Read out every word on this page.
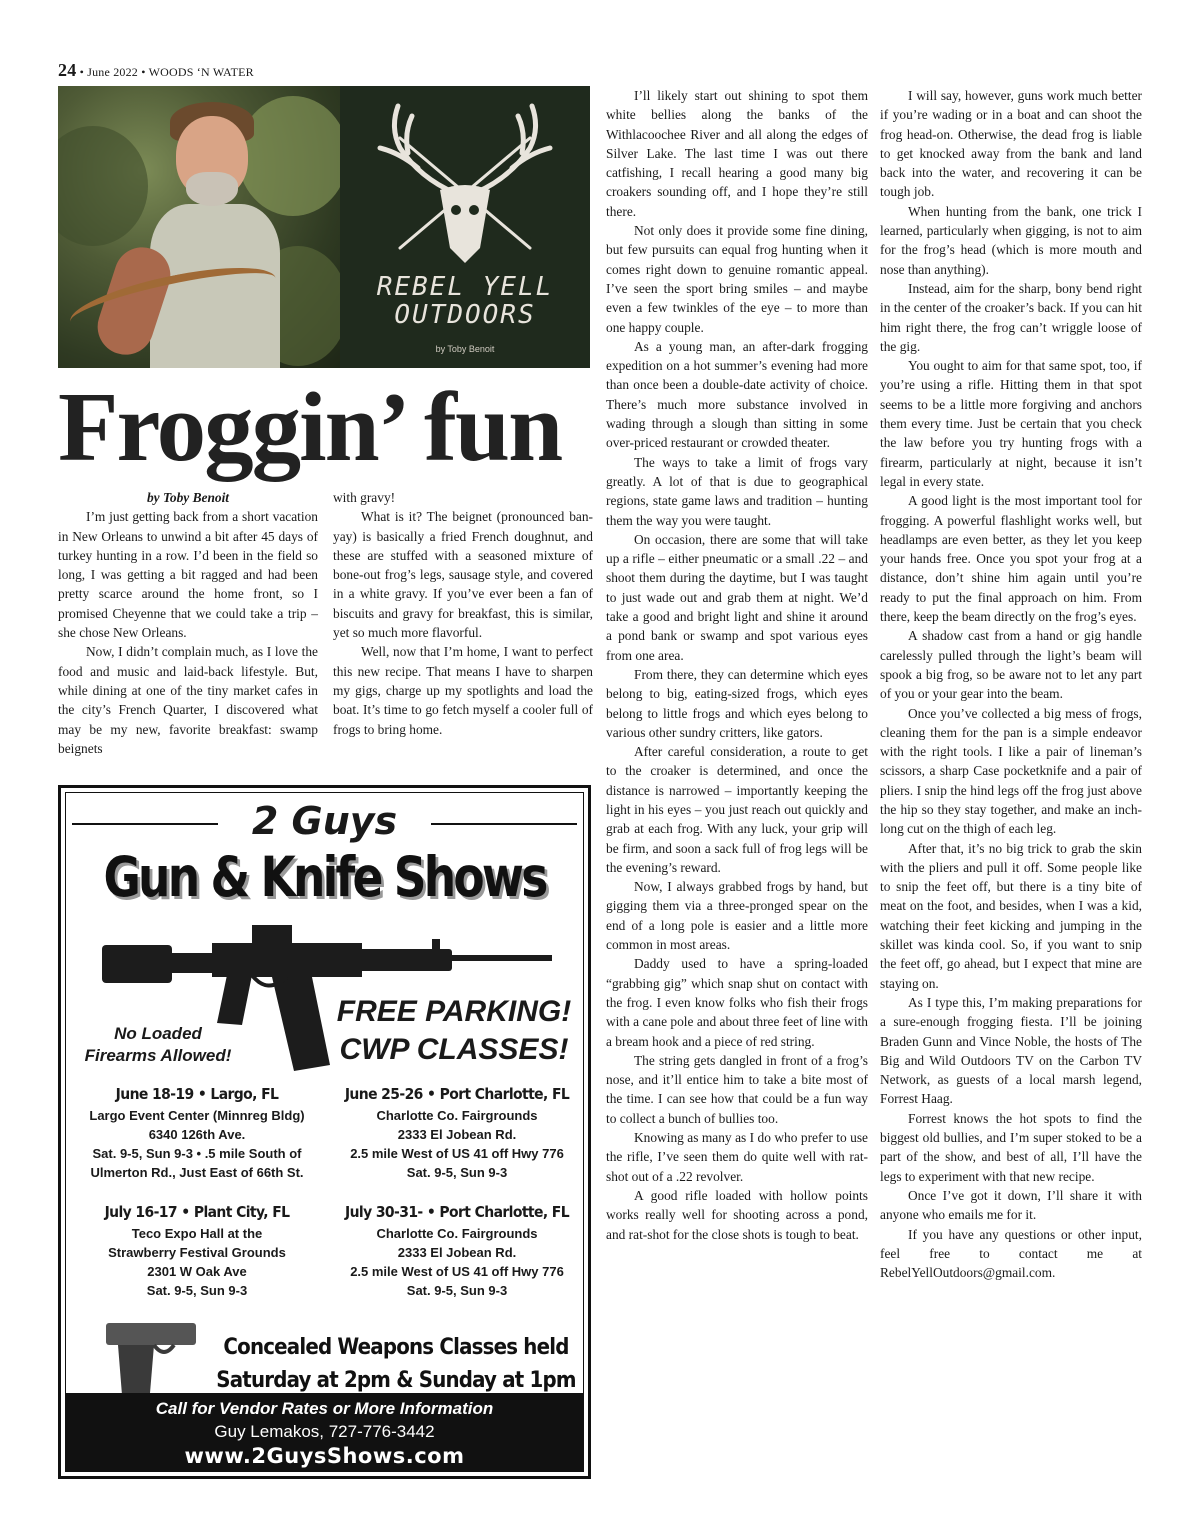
24 • June 2022 • WOODS ‘N WATER
REBEL YELL
OUTDOORS
by Toby Benoit
Froggin’ fun

by Toby Benoit

I’m just getting back from a short vacation in New Orleans to unwind a bit after 45 days of turkey hunting in a row. I’d been in the field so long, I was getting a bit ragged and had been pretty scarce around the home front, so I promised Cheyenne that we could take a trip – she chose New Orleans.

Now, I didn’t complain much, as I love the food and music and laid-back lifestyle. But, while dining at one of the tiny market cafes in the city’s French Quarter, I discovered what may be my new, favorite breakfast: swamp beignets

with gravy!

What is it? The beignet (pronounced ban-yay) is basically a fried French doughnut, and these are stuffed with a seasoned mixture of bone-out frog’s legs, sausage style, and covered in a white gravy. If you’ve ever been a fan of biscuits and gravy for breakfast, this is similar, yet so much more flavorful.

Well, now that I’m home, I want to perfect this new recipe. That means I have to sharpen my gigs, charge up my spotlights and load the boat. It’s time to go fetch myself a cooler full of frogs to bring home.

I’ll likely start out shining to spot them white bellies along the banks of the Withlacoochee River and all along the edges of Silver Lake. The last time I was out there catfishing, I recall hearing a good many big croakers sounding off, and I hope they’re still there.

Not only does it provide some fine dining, but few pursuits can equal frog hunting when it comes right down to genuine romantic appeal. I’ve seen the sport bring smiles – and maybe even a few twinkles of the eye – to more than one happy couple.

As a young man, an after-dark frogging expedition on a hot summer’s evening had more than once been a double-date activity of choice. There’s much more substance involved in wading through a slough than sitting in some over-priced restaurant or crowded theater.

The ways to take a limit of frogs vary greatly. A lot of that is due to geographical regions, state game laws and tradition – hunting them the way you were taught.

On occasion, there are some that will take up a rifle – either pneumatic or a small .22 – and shoot them during the daytime, but I was taught to just wade out and grab them at night. We’d take a good and bright light and shine it around a pond bank or swamp and spot various eyes from one area.

From there, they can determine which eyes belong to big, eating-sized frogs, which eyes belong to little frogs and which eyes belong to various other sundry critters, like gators.

After careful consideration, a route to get to the croaker is determined, and once the distance is narrowed – importantly keeping the light in his eyes – you just reach out quickly and grab at each frog. With any luck, your grip will be firm, and soon a sack full of frog legs will be the evening’s reward.

Now, I always grabbed frogs by hand, but gigging them via a three-pronged spear on the end of a long pole is easier and a little more common in most areas.

Daddy used to have a spring-loaded “grabbing gig” which snap shut on contact with the frog. I even know folks who fish their frogs with a cane pole and about three feet of line with a bream hook and a piece of red string.

The string gets dangled in front of a frog’s nose, and it’ll entice him to take a bite most of the time. I can see how that could be a fun way to collect a bunch of bullies too.

Knowing as many as I do who prefer to use the rifle, I’ve seen them do quite well with rat-shot out of a .22 revolver.

A good rifle loaded with hollow points works really well for shooting across a pond, and rat-shot for the close shots is tough to beat.

I will say, however, guns work much better if you’re wading or in a boat and can shoot the frog head-on. Otherwise, the dead frog is liable to get knocked away from the bank and land back into the water, and recovering it can be tough job.

When hunting from the bank, one trick I learned, particularly when gigging, is not to aim for the frog’s head (which is more mouth and nose than anything).

Instead, aim for the sharp, bony bend right in the center of the croaker’s back. If you can hit him right there, the frog can’t wriggle loose of the gig.

You ought to aim for that same spot, too, if you’re using a rifle. Hitting them in that spot seems to be a little more forgiving and anchors them every time. Just be certain that you check the law before you try hunting frogs with a firearm, particularly at night, because it isn’t legal in every state.

A good light is the most important tool for frogging. A powerful flashlight works well, but headlamps are even better, as they let you keep your hands free. Once you spot your frog at a distance, don’t shine him again until you’re ready to put the final approach on him. From there, keep the beam directly on the frog’s eyes.

A shadow cast from a hand or gig handle carelessly pulled through the light’s beam will spook a big frog, so be aware not to let any part of you or your gear into the beam.

Once you’ve collected a big mess of frogs, cleaning them for the pan is a simple endeavor with the right tools. I like a pair of lineman’s scissors, a sharp Case pocketknife and a pair of pliers. I snip the hind legs off the frog just above the hip so they stay together, and make an inch-long cut on the thigh of each leg.

After that, it’s no big trick to grab the skin with the pliers and pull it off. Some people like to snip the feet off, but there is a tiny bite of meat on the foot, and besides, when I was a kid, watching their feet kicking and jumping in the skillet was kinda cool. So, if you want to snip the feet off, go ahead, but I expect that mine are staying on.

As I type this, I’m making preparations for a sure-enough frogging fiesta. I’ll be joining Braden Gunn and Vince Noble, the hosts of The Big and Wild Outdoors TV on the Carbon TV Network, as guests of a local marsh legend, Forrest Haag.

Forrest knows the hot spots to find the biggest old bullies, and I’m super stoked to be a part of the show, and best of all, I’ll have the legs to experiment with that new recipe.

Once I’ve got it down, I’ll share it with anyone who emails me for it.

If you have any questions or other input, feel free to contact me at RebelYellOutdoors@gmail.com.

2 Guys
Gun & Knife Shows
No Loaded
Firearms Allowed!
FREE PARKING!
CWP CLASSES!
June 18-19 • Largo, FL
Largo Event Center (Minnreg Bldg)
6340 126th Ave.
Sat. 9-5, Sun 9-3 • .5 mile South of
Ulmerton Rd., Just East of 66th St.
June 25-26 • Port Charlotte, FL
Charlotte Co. Fairgrounds
2333 El Jobean Rd.
2.5 mile West of US 41 off Hwy 776
Sat. 9-5, Sun 9-3
July 16-17 • Plant City, FL
Teco Expo Hall at the
Strawberry Festival Grounds
2301 W Oak Ave
Sat. 9-5, Sun 9-3
July 30-31- • Port Charlotte, FL
Charlotte Co. Fairgrounds
2333 El Jobean Rd.
2.5 mile West of US 41 off Hwy 776
Sat. 9-5, Sun 9-3
Concealed Weapons Classes held
Saturday at 2pm & Sunday at 1pm
Call for Vendor Rates or More Information
Guy Lemakos, 727-776-3442
www.2GuysShows.com
